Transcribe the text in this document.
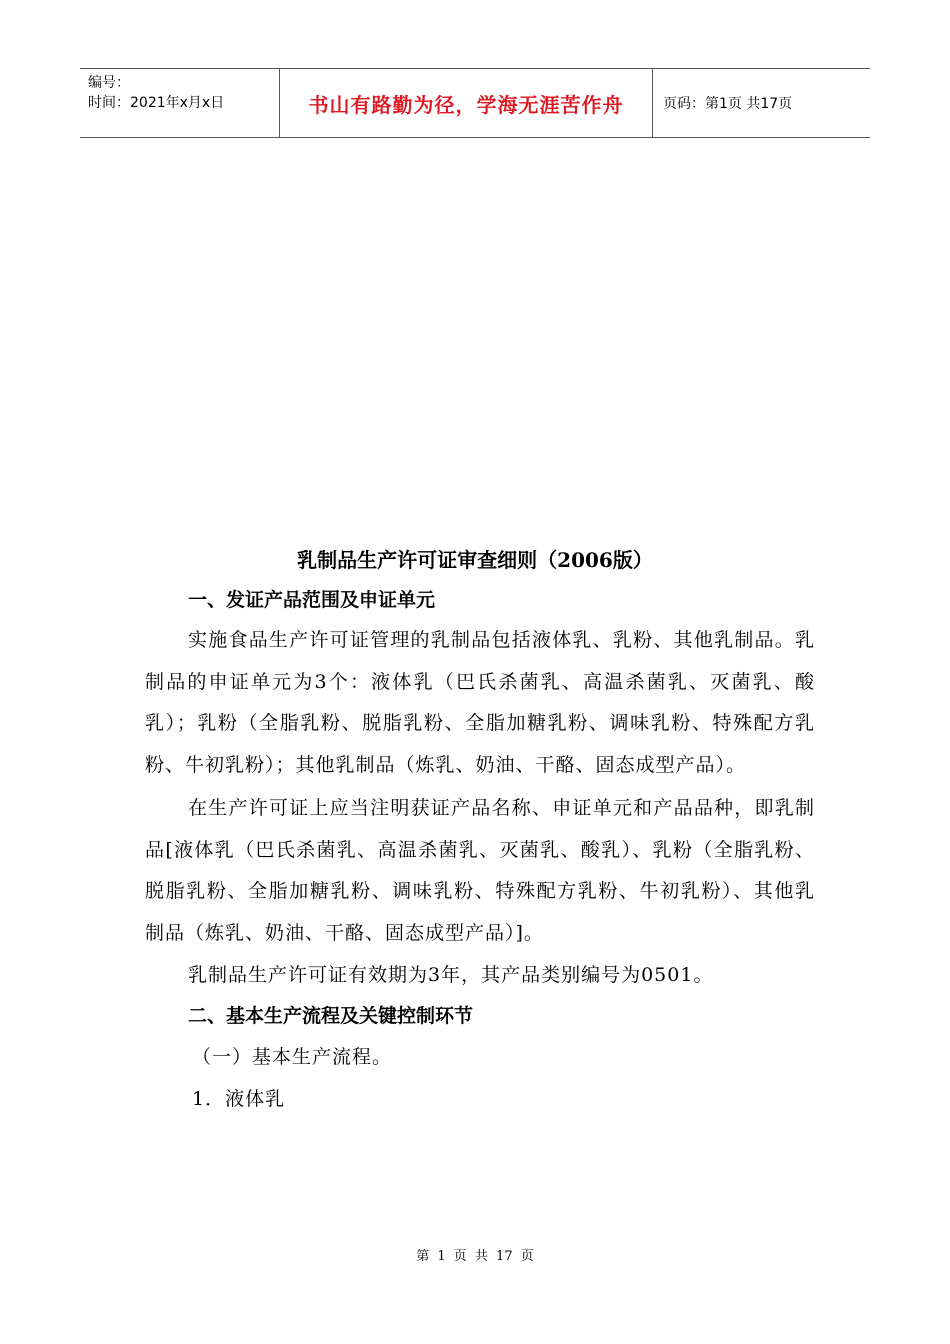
编号：
时间：2021年x月x日	书山有路勤为径，学海无涯苦作舟	页码：第1页 共17页
乳制品生产许可证审查细则（2006版）
一、发证产品范围及申证单元

实施食品生产许可证管理的乳制品包括液体乳、乳粉、其他乳制品。乳制品的申证单元为3个：液体乳（巴氏杀菌乳、高温杀菌乳、灭菌乳、酸乳）；乳粉（全脂乳粉、脱脂乳粉、全脂加糖乳粉、调味乳粉、特殊配方乳粉、牛初乳粉）；其他乳制品（炼乳、奶油、干酪、固态成型产品）。

在生产许可证上应当注明获证产品名称、申证单元和产品品种，即乳制品[液体乳（巴氏杀菌乳、高温杀菌乳、灭菌乳、酸乳）、乳粉（全脂乳粉、脱脂乳粉、全脂加糖乳粉、调味乳粉、特殊配方乳粉、牛初乳粉）、其他乳制品（炼乳、奶油、干酪、固态成型产品）]。

乳制品生产许可证有效期为3年，其产品类别编号为0501。
二、基本生产流程及关键控制环节
（一）基本生产流程。
1．液体乳
第 1 页 共 17 页
